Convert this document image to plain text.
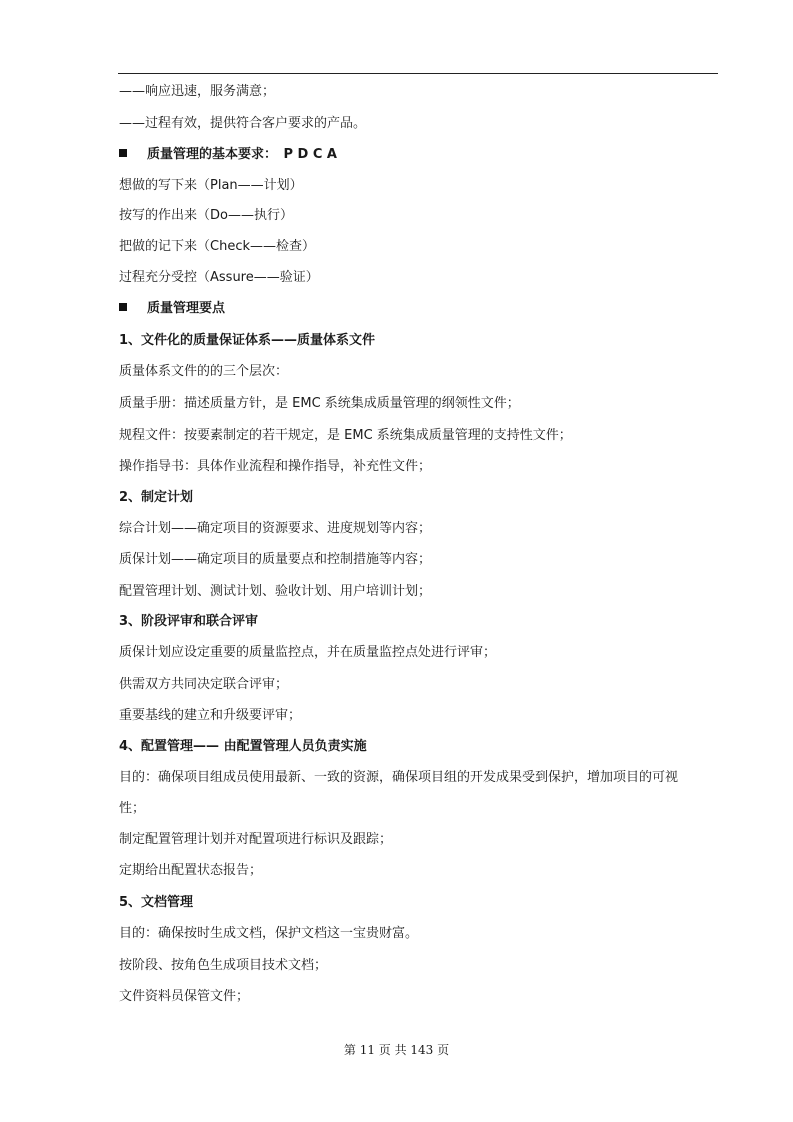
——响应迅速，服务满意；
——过程有效，提供符合客户要求的产品。
质量管理的基本要求：　P D C A
想做的写下来（Plan——计划）
按写的作出来（Do——执行）
把做的记下来（Check——检查）
过程充分受控（Assure——验证）
质量管理要点
1、文件化的质量保证体系——质量体系文件
质量体系文件的的三个层次：
质量手册：描述质量方针，是 EMC 系统集成质量管理的纲领性文件；
规程文件：按要素制定的若干规定，是 EMC 系统集成质量管理的支持性文件；
操作指导书：具体作业流程和操作指导，补充性文件；
2、制定计划
综合计划——确定项目的资源要求、进度规划等内容；
质保计划——确定项目的质量要点和控制措施等内容；
配置管理计划、测试计划、验收计划、用户培训计划；
3、阶段评审和联合评审
质保计划应设定重要的质量监控点，并在质量监控点处进行评审；
供需双方共同决定联合评审；
重要基线的建立和升级要评审；
4、配置管理—— 由配置管理人员负责实施
目的：确保项目组成员使用最新、一致的资源，确保项目组的开发成果受到保护，增加项目的可视
性；
制定配置管理计划并对配置项进行标识及跟踪；
定期给出配置状态报告；
5、文档管理
目的：确保按时生成文档，保护文档这一宝贵财富。
按阶段、按角色生成项目技术文档；
文件资料员保管文件；
第 11 页 共 143 页
